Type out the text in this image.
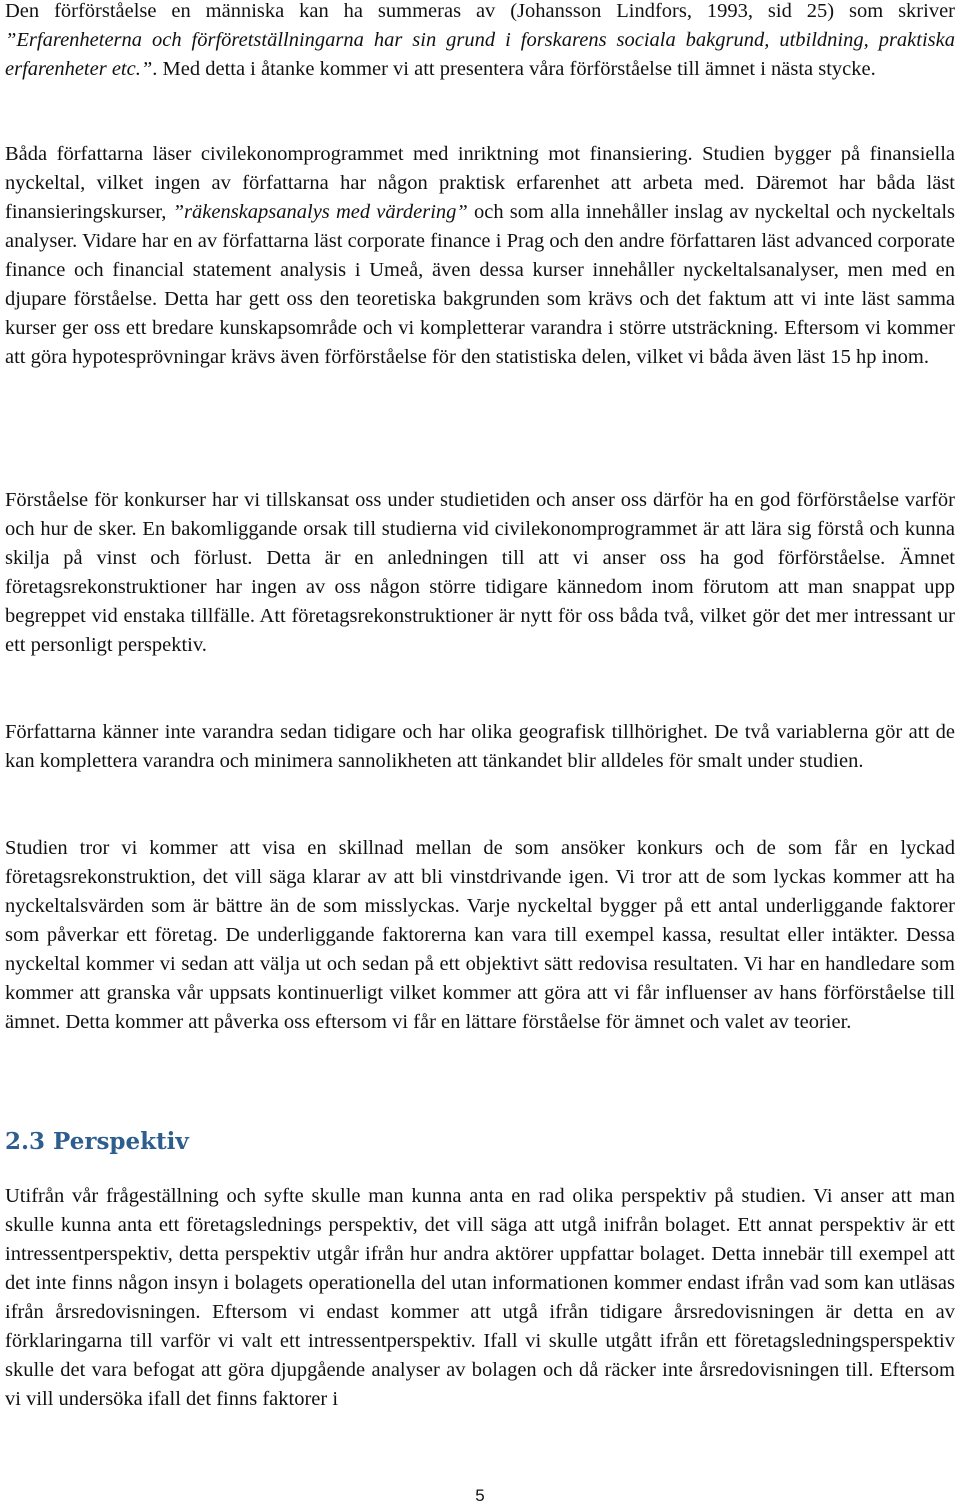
Den förförståelse en människa kan ha summeras av (Johansson Lindfors, 1993, sid 25) som skriver ”Erfarenheterna och förföretställningarna har sin grund i forskarens sociala bakgrund, utbildning, praktiska erfarenheter etc.”. Med detta i åtanke kommer vi att presentera våra förförståelse till ämnet i nästa stycke.

Båda författarna läser civilekonomprogrammet med inriktning mot finansiering. Studien bygger på finansiella nyckeltal, vilket ingen av författarna har någon praktisk erfarenhet att arbeta med. Däremot har båda läst finansieringskurser, ”räkenskapsanalys med värdering” och som alla innehåller inslag av nyckeltal och nyckeltals analyser. Vidare har en av författarna läst corporate finance i Prag och den andre författaren läst advanced corporate finance och financial statement analysis i Umeå, även dessa kurser innehåller nyckeltalsanalyser, men med en djupare förståelse. Detta har gett oss den teoretiska bakgrunden som krävs och det faktum att vi inte läst samma kurser ger oss ett bredare kunskapsområde och vi kompletterar varandra i större utsträckning. Eftersom vi kommer att göra hypotesprövningar krävs även förförståelse för den statistiska delen, vilket vi båda även läst 15 hp inom.

Förståelse för konkurser har vi tillskansat oss under studietiden och anser oss därför ha en god förförståelse varför och hur de sker. En bakomliggande orsak till studierna vid civilekonomprogrammet är att lära sig förstå och kunna skilja på vinst och förlust. Detta är en anledningen till att vi anser oss ha god förförståelse. Ämnet företagsrekonstruktioner har ingen av oss någon större tidigare kännedom inom förutom att man snappat upp begreppet vid enstaka tillfälle. Att företagsrekonstruktioner är nytt för oss båda två, vilket gör det mer intressant ur ett personligt perspektiv.

Författarna känner inte varandra sedan tidigare och har olika geografisk tillhörighet. De två variablerna gör att de kan komplettera varandra och minimera sannolikheten att tänkandet blir alldeles för smalt under studien.

Studien tror vi kommer att visa en skillnad mellan de som ansöker konkurs och de som får en lyckad företagsrekonstruktion, det vill säga klarar av att bli vinstdrivande igen. Vi tror att de som lyckas kommer att ha nyckeltalsvärden som är bättre än de som misslyckas. Varje nyckeltal bygger på ett antal underliggande faktorer som påverkar ett företag. De underliggande faktorerna kan vara till exempel kassa, resultat eller intäkter. Dessa nyckeltal kommer vi sedan att välja ut och sedan på ett objektivt sätt redovisa resultaten. Vi har en handledare som kommer att granska vår uppsats kontinuerligt vilket kommer att göra att vi får influenser av hans förförståelse till ämnet. Detta kommer att påverka oss eftersom vi får en lättare förståelse för ämnet och valet av teorier.

2.3 Perspektiv

Utifrån vår frågeställning och syfte skulle man kunna anta en rad olika perspektiv på studien. Vi anser att man skulle kunna anta ett företagslednings perspektiv, det vill säga att utgå inifrån bolaget. Ett annat perspektiv är ett intressentperspektiv, detta perspektiv utgår ifrån hur andra aktörer uppfattar bolaget. Detta innebär till exempel att det inte finns någon insyn i bolagets operationella del utan informationen kommer endast ifrån vad som kan utläsas ifrån årsredovisningen. Eftersom vi endast kommer att utgå ifrån tidigare årsredovisningen är detta en av förklaringarna till varför vi valt ett intressentperspektiv. Ifall vi skulle utgått ifrån ett företagsledningsperspektiv skulle det vara befogat att göra djupgående analyser av bolagen och då räcker inte årsredovisningen till. Eftersom vi vill undersöka ifall det finns faktorer i

5
